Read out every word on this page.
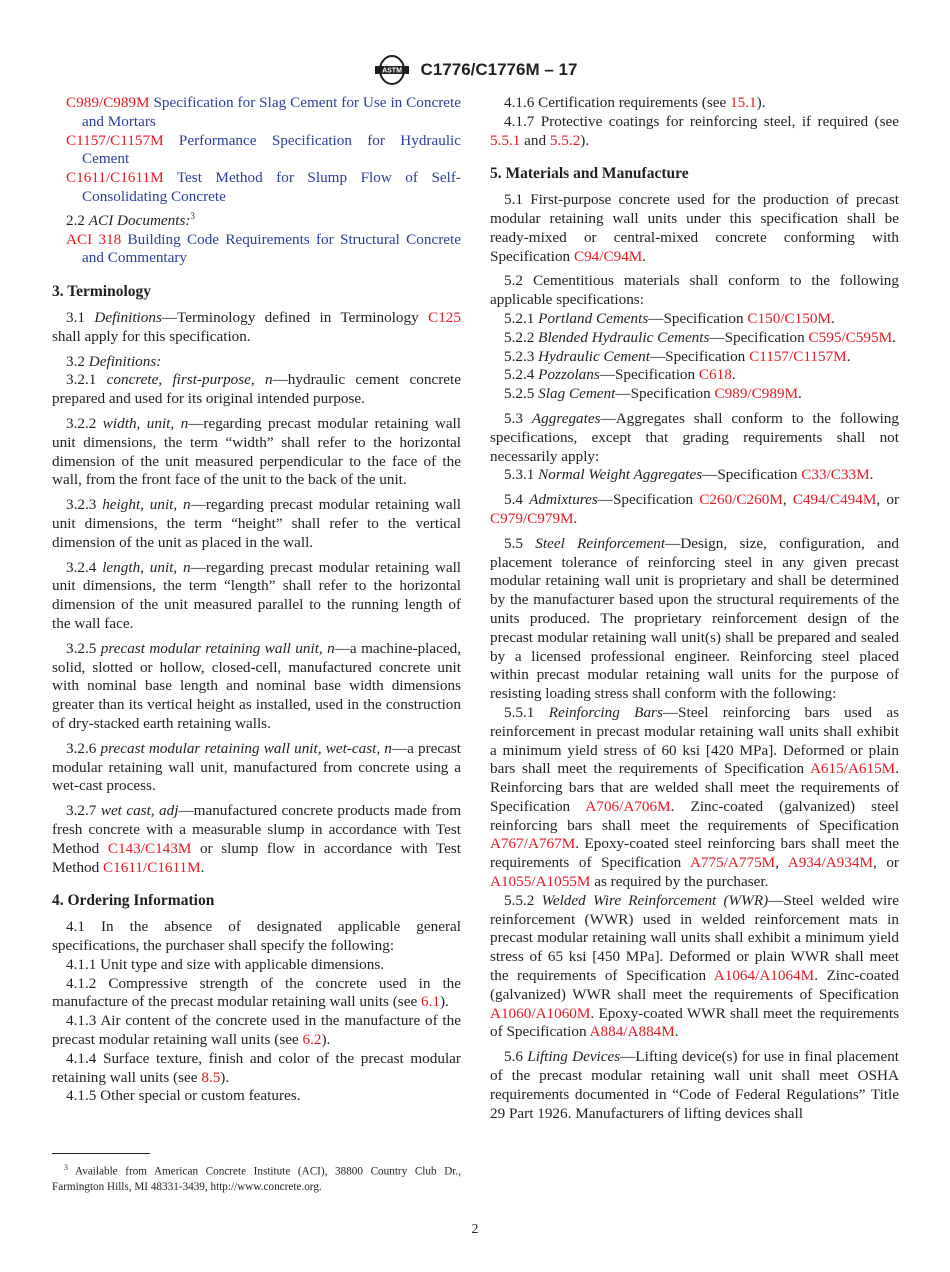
ASTM C1776/C1776M – 17

C989/C989M Specification for Slag Cement for Use in Concrete and Mortars

C1157/C1157M Performance Specification for Hydraulic Cement

C1611/C1611M Test Method for Slump Flow of Self-Consolidating Concrete

2.2 ACI Documents:$^3$

ACI 318 Building Code Requirements for Structural Concrete and Commentary

3. Terminology

3.1 Definitions—Terminology defined in Terminology C125 shall apply for this specification.

3.2 Definitions:

3.2.1 concrete, first-purpose, n—hydraulic cement concrete prepared and used for its original intended purpose.

3.2.2 width, unit, n—regarding precast modular retaining wall unit dimensions, the term “width” shall refer to the horizontal dimension of the unit measured perpendicular to the face of the wall, from the front face of the unit to the back of the unit.

3.2.3 height, unit, n—regarding precast modular retaining wall unit dimensions, the term “height” shall refer to the vertical dimension of the unit as placed in the wall.

3.2.4 length, unit, n—regarding precast modular retaining wall unit dimensions, the term “length” shall refer to the horizontal dimension of the unit measured parallel to the running length of the wall face.

3.2.5 precast modular retaining wall unit, n—a machine-placed, solid, slotted or hollow, closed-cell, manufactured concrete unit with nominal base length and nominal base width dimensions greater than its vertical height as installed, used in the construction of dry-stacked earth retaining walls.

3.2.6 precast modular retaining wall unit, wet-cast, n—a precast modular retaining wall unit, manufactured from concrete using a wet-cast process.

3.2.7 wet cast, adj—manufactured concrete products made from fresh concrete with a measurable slump in accordance with Test Method C143/C143M or slump flow in accordance with Test Method C1611/C1611M.

4. Ordering Information

4.1 In the absence of designated applicable general specifications, the purchaser shall specify the following:

4.1.1 Unit type and size with applicable dimensions.

4.1.2 Compressive strength of the concrete used in the manufacture of the precast modular retaining wall units (see 6.1).

4.1.3 Air content of the concrete used in the manufacture of the precast modular retaining wall units (see 6.2).

4.1.4 Surface texture, finish and color of the precast modular retaining wall units (see 8.5).

4.1.5 Other special or custom features.

$^3$ Available from American Concrete Institute (ACI), 38800 Country Club Dr., Farmington Hills, MI 48331-3439, http://www.concrete.org.

4.1.6 Certification requirements (see 15.1).

4.1.7 Protective coatings for reinforcing steel, if required (see 5.5.1 and 5.5.2).

5. Materials and Manufacture

5.1 First-purpose concrete used for the production of precast modular retaining wall units under this specification shall be ready-mixed or central-mixed concrete conforming with Specification C94/C94M.

5.2 Cementitious materials shall conform to the following applicable specifications:

5.2.1 Portland Cements—Specification C150/C150M.

5.2.2 Blended Hydraulic Cements—Specification C595/C595M.

5.2.3 Hydraulic Cement—Specification C1157/C1157M.

5.2.4 Pozzolans—Specification C618.

5.2.5 Slag Cement—Specification C989/C989M.

5.3 Aggregates—Aggregates shall conform to the following specifications, except that grading requirements shall not necessarily apply:

5.3.1 Normal Weight Aggregates—Specification C33/C33M.

5.4 Admixtures—Specification C260/C260M, C494/C494M, or C979/C979M.

5.5 Steel Reinforcement—Design, size, configuration, and placement tolerance of reinforcing steel in any given precast modular retaining wall unit is proprietary and shall be determined by the manufacturer based upon the structural requirements of the units produced. The proprietary reinforcement design of the precast modular retaining wall unit(s) shall be prepared and sealed by a licensed professional engineer. Reinforcing steel placed within precast modular retaining wall units for the purpose of resisting loading stress shall conform with the following:

5.5.1 Reinforcing Bars—Steel reinforcing bars used as reinforcement in precast modular retaining wall units shall exhibit a minimum yield stress of 60 ksi [420 MPa]. Deformed or plain bars shall meet the requirements of Specification A615/A615M. Reinforcing bars that are welded shall meet the requirements of Specification A706/A706M. Zinc-coated (galvanized) steel reinforcing bars shall meet the requirements of Specification A767/A767M. Epoxy-coated steel reinforcing bars shall meet the requirements of Specification A775/A775M, A934/A934M, or A1055/A1055M as required by the purchaser.

5.5.2 Welded Wire Reinforcement (WWR)—Steel welded wire reinforcement (WWR) used in welded reinforcement mats in precast modular retaining wall units shall exhibit a minimum yield stress of 65 ksi [450 MPa]. Deformed or plain WWR shall meet the requirements of Specification A1064/A1064M. Zinc-coated (galvanized) WWR shall meet the requirements of Specification A1060/A1060M. Epoxy-coated WWR shall meet the requirements of Specification A884/A884M.

5.6 Lifting Devices—Lifting device(s) for use in final placement of the precast modular retaining wall unit shall meet OSHA requirements documented in “Code of Federal Regulations” Title 29 Part 1926. Manufacturers of lifting devices shall

2
